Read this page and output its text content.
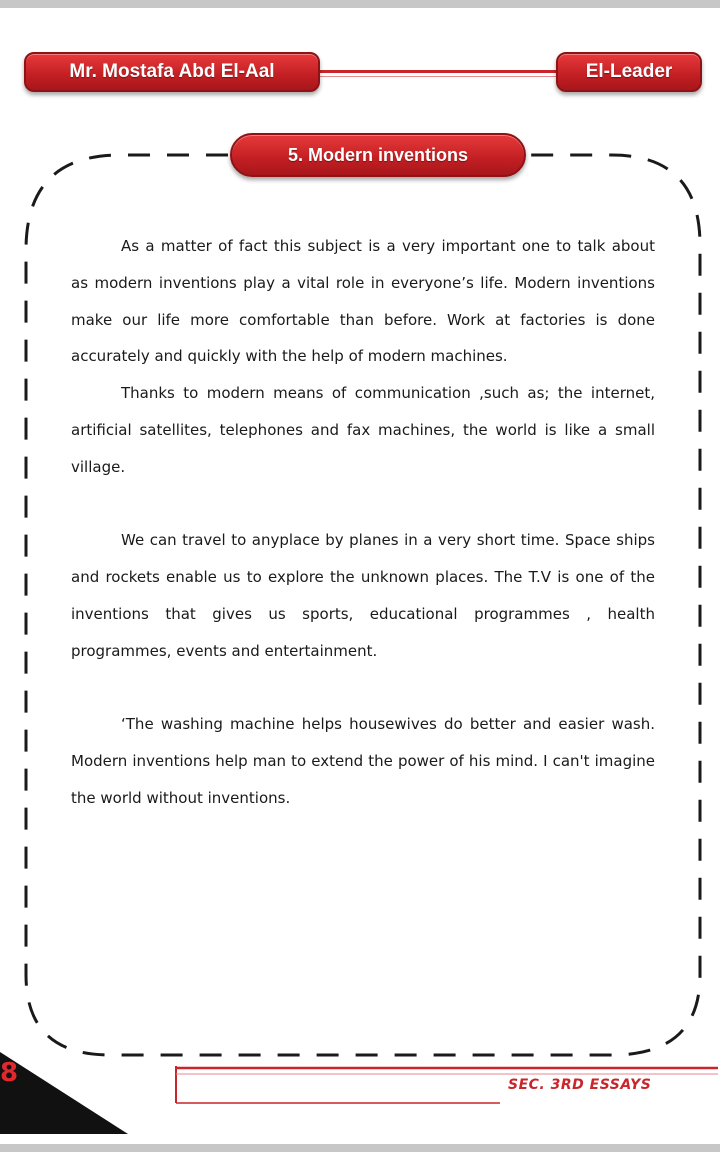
Mr. Mostafa Abd El-Aal	El-Leader
5. Modern inventions

As a matter of fact this subject is a very important one to talk about as modern inventions play a vital role in everyone’s life. Modern inventions make our life more comfortable than before. Work at factories is done accurately and quickly with the help of modern machines.

Thanks to modern means of communication ,such as; the internet, artificial satellites, telephones and fax machines, the world is like a small village.

We can travel to anyplace by planes in a very short time. Space ships and rockets enable us to explore the unknown places. The T.V is one of the inventions that gives us sports, educational programmes , health programmes, events and entertainment.

‘The washing machine helps housewives do better and easier wash. Modern inventions help man to extend the power of his mind. I can't imagine the world without inventions.

SEC. 3RD ESSAYS
8
